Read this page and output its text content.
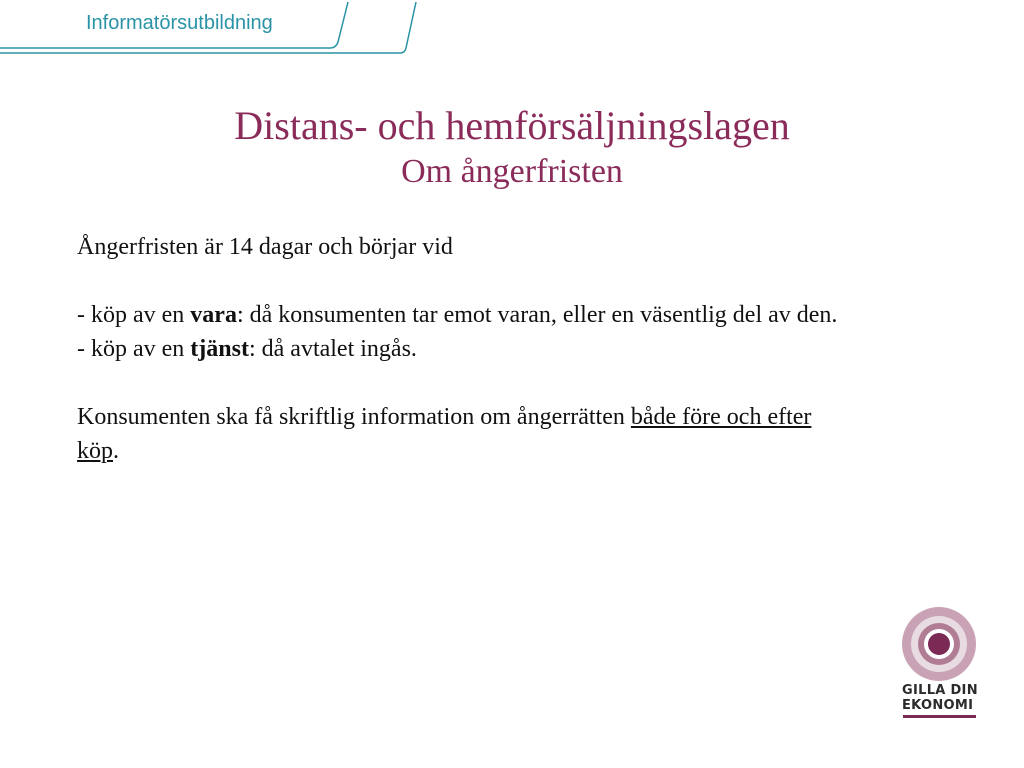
Informatörsutbildning

Distans- och hemförsäljningslagen

Om ångerfristen

Ångerfristen är 14 dagar och börjar vid

- köp av en vara: då konsumenten tar emot varan, eller en väsentlig del av den.

- köp av en tjänst: då avtalet ingås.

Konsumenten ska få skriftlig information om ångerrätten både före och efter köp.

GILLA DIN
EKONOMI
